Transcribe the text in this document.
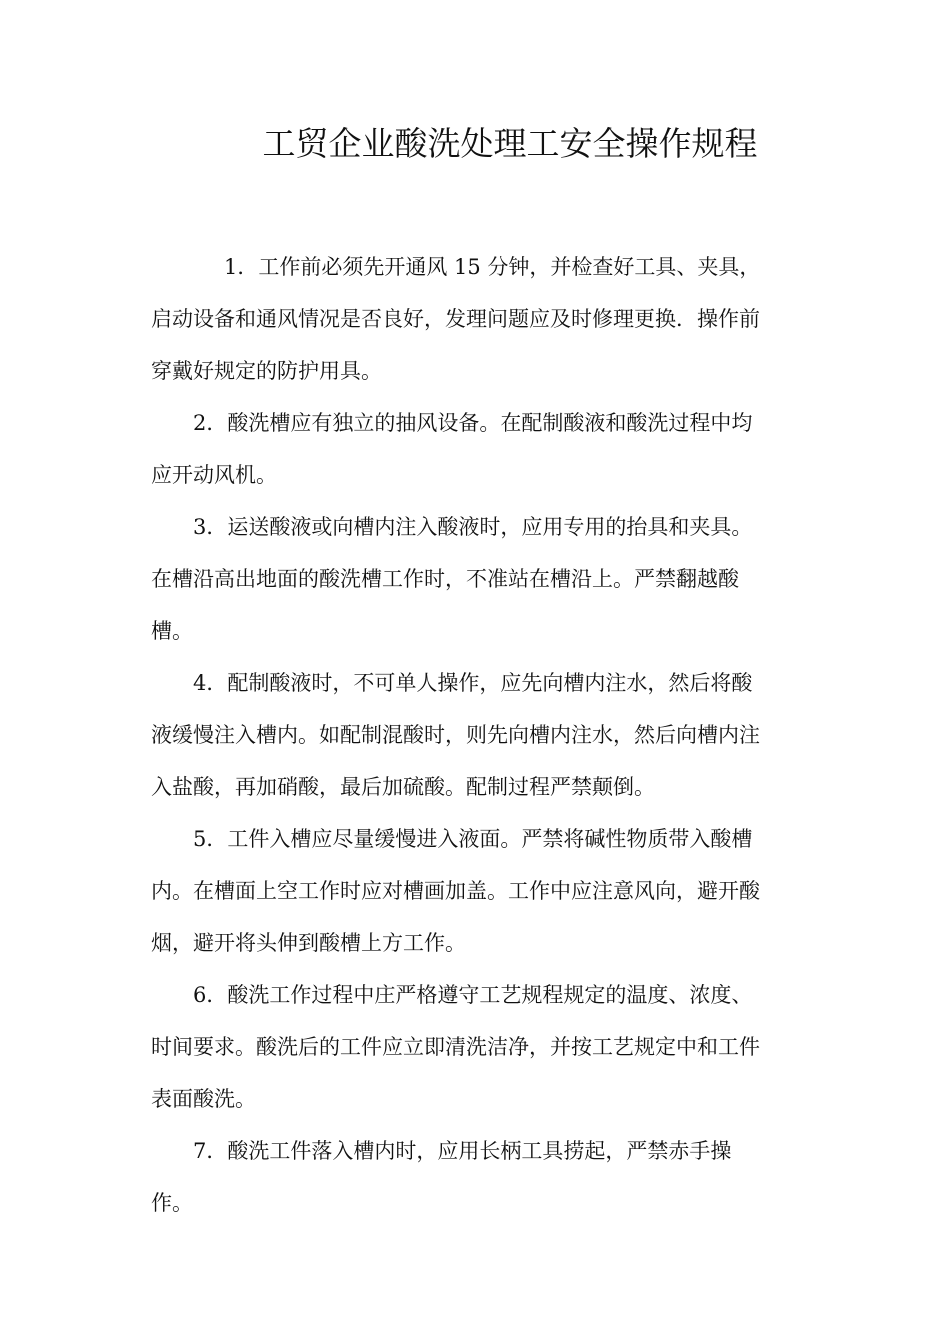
工贸企业酸洗处理工安全操作规程

1．工作前必须先开通风 15 分钟，并检查好工具、夹具，
启动设备和通风情况是否良好，发理问题应及时修理更换．操作前
穿戴好规定的防护用具。

2．酸洗槽应有独立的抽风设备。在配制酸液和酸洗过程中均
应开动风机。

3．运送酸液或向槽内注入酸液时，应用专用的抬具和夹具。
在槽沿高出地面的酸洗槽工作时，不准站在槽沿上。严禁翻越酸
槽。

4．配制酸液时，不可单人操作，应先向槽内注水，然后将酸
液缓慢注入槽内。如配制混酸时，则先向槽内注水，然后向槽内注
入盐酸，再加硝酸，最后加硫酸。配制过程严禁颠倒。

5．工件入槽应尽量缓慢进入液面。严禁将碱性物质带入酸槽
内。在槽面上空工作时应对槽画加盖。工作中应注意风向，避开酸
烟，避开将头伸到酸槽上方工作。

6．酸洗工作过程中庄严格遵守工艺规程规定的温度、浓度、
时间要求。酸洗后的工件应立即清洗洁净，并按工艺规定中和工件
表面酸洗。

7．酸洗工件落入槽内时，应用长柄工具捞起，严禁赤手操
作。
